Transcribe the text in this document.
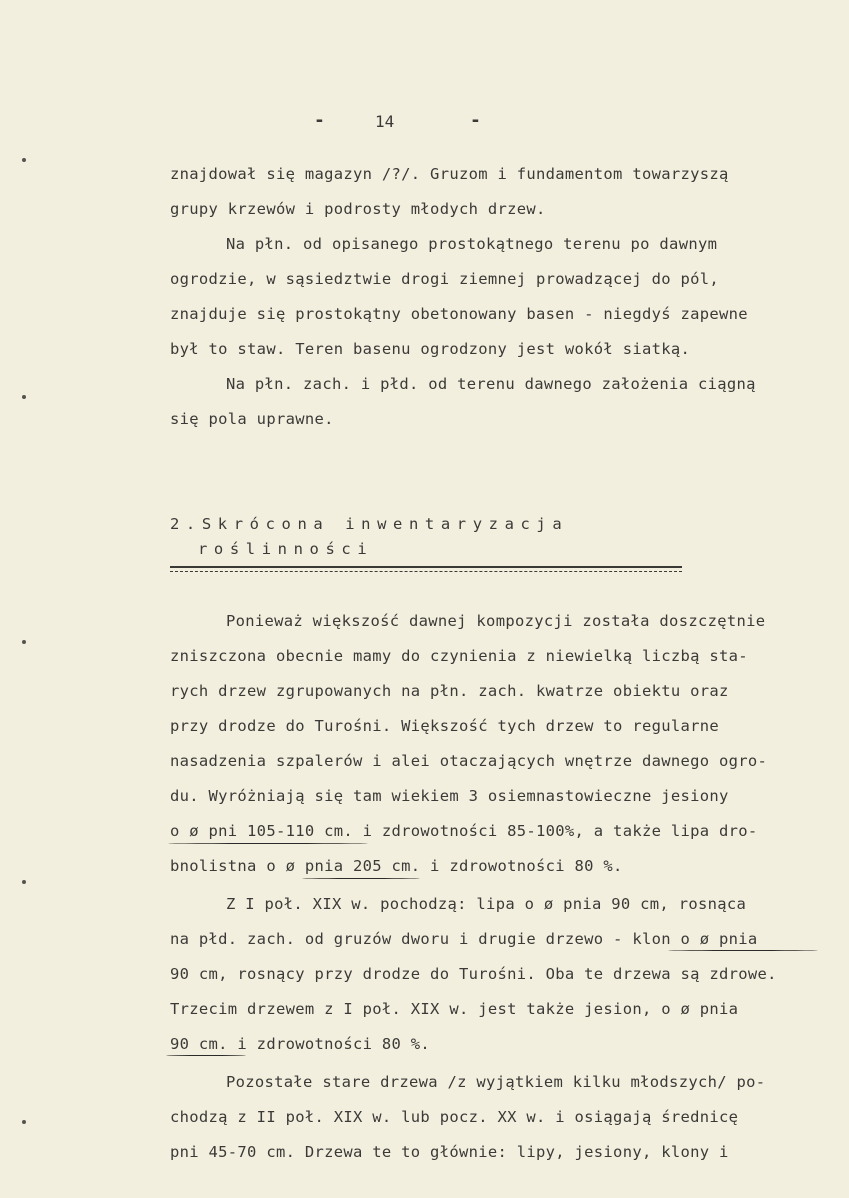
-	14	-
znajdował się magazyn /?/. Gruzom i fundamentom towarzyszą
grupy krzewów i podrosty młodych drzew.
Na płn. od opisanego prostokątnego terenu po dawnym
ogrodzie, w sąsiedztwie drogi ziemnej prowadzącej do pól,
znajduje się prostokątny obetonowany basen - niegdyś zapewne
był to staw. Teren basenu ogrodzony jest wokół siatką.
Na płn. zach. i płd. od terenu dawnego założenia ciągną
się pola uprawne.
2.Skrócona inwentaryzacja
roślinności
Ponieważ większość dawnej kompozycji została doszczętnie
zniszczona obecnie mamy do czynienia z niewielką liczbą sta-
rych drzew zgrupowanych na płn. zach. kwatrze obiektu oraz
przy drodze do Turośni. Większość tych drzew to regularne
nasadzenia szpalerów i alei otaczających wnętrze dawnego ogro-
du. Wyróżniają się tam wiekiem 3 osiemnastowieczne jesiony
o ø pni 105-110 cm. i zdrowotności 85-100%, a także lipa dro-
bnolistna o ø pnia 205 cm. i zdrowotności 80 %.
Z I poł. XIX w. pochodzą: lipa o ø pnia 90 cm, rosnąca
na płd. zach. od gruzów dworu i drugie drzewo - klon o ø pnia
90 cm, rosnący przy drodze do Turośni. Oba te drzewa są zdrowe.
Trzecim drzewem z I poł. XIX w. jest także jesion, o ø pnia
90 cm. i zdrowotności 80 %.
Pozostałe stare drzewa /z wyjątkiem kilku młodszych/ po-
chodzą z II poł. XIX w. lub pocz. XX w. i osiągają średnicę
pni 45-70 cm. Drzewa te to głównie: lipy, jesiony, klony i
